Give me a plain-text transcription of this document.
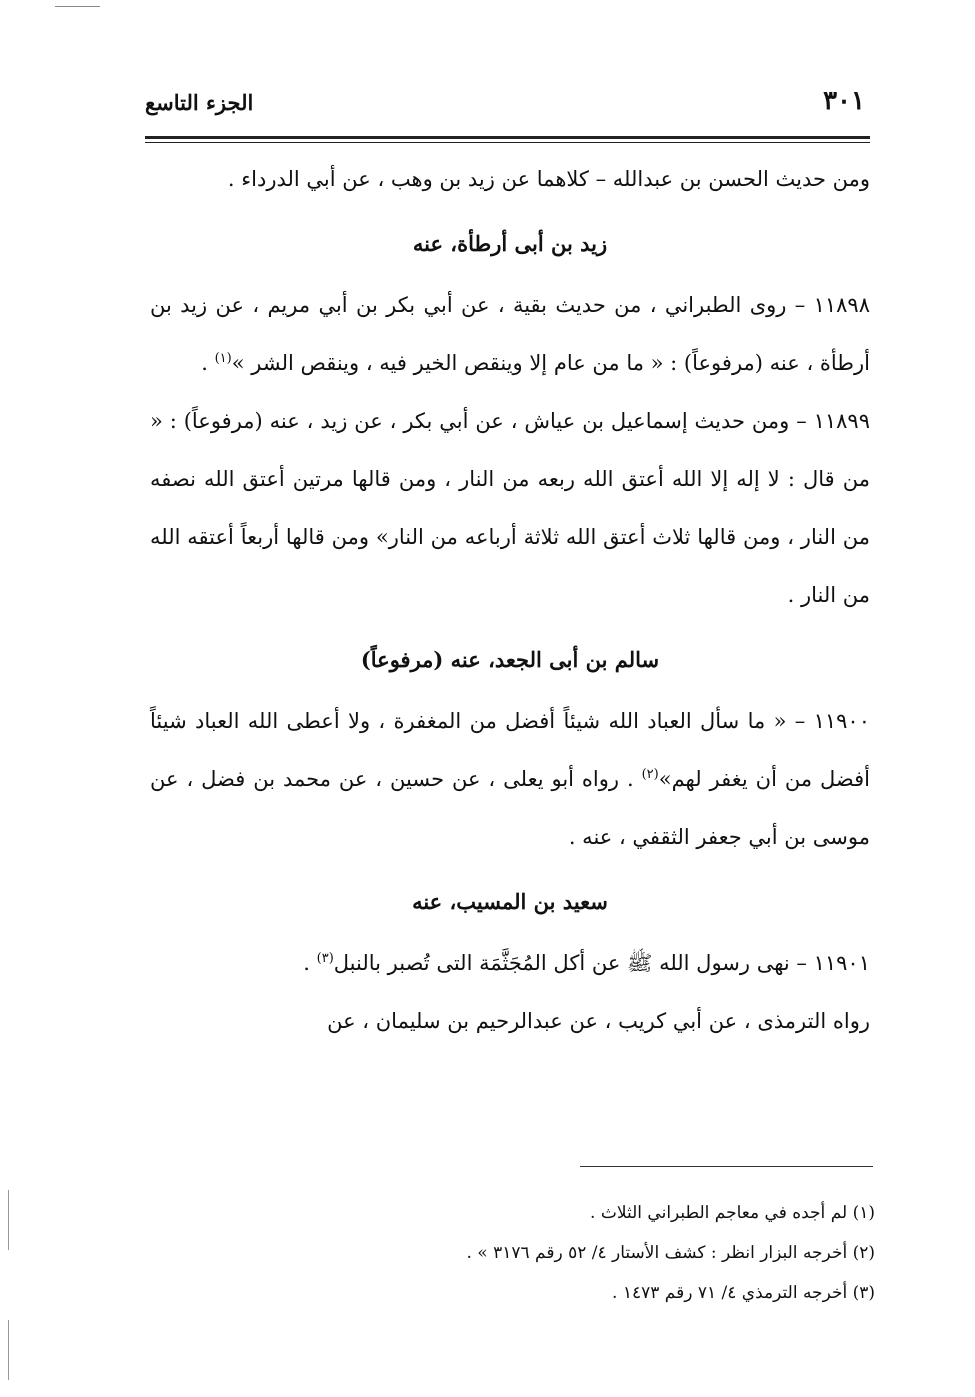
٣٠١
الجزء التاسع

ومن حديث الحسن بن عبدالله – كلاهما عن زيد بن وهب ، عن أبي الدرداء .

زيد بن أبى أرطأة، عنه

١١٨٩٨ – روى الطبراني ، من حديث بقية ، عن أبي بكر بن أبي مريم ، عن زيد بن أرطأة ، عنه (مرفوعاً) : « ما من عام إلا وينقص الخير فيه ، وينقص الشر »$^{(١)}$ .

١١٨٩٩ – ومن حديث إسماعيل بن عياش ، عن أبي بكر ، عن زيد ، عنه (مرفوعاً) : « من قال : لا إله إلا الله أعتق الله ربعه من النار ، ومن قالها مرتين أعتق الله نصفه من النار ، ومن قالها ثلاث أعتق الله ثلاثة أرباعه من النار» ومن قالها أربعاً أعتقه الله من النار .

سالم بن أبى الجعد، عنه (مرفوعاً)

١١٩٠٠ – « ما سأل العباد الله شيئاً أفضل من المغفرة ، ولا أعطى الله العباد شيئاً أفضل من أن يغفر لهم»$^{(٢)}$ . رواه أبو يعلى ، عن حسين ، عن محمد بن فضل ، عن موسى بن أبي جعفر الثقفي ، عنه .

سعيد بن المسيب، عنه

١١٩٠١ – نهى رسول الله ﷺ عن أكل المُجَثَّمَة التى تُصبر بالنبل$^{(٣)}$ .

رواه الترمذى ، عن أبي كريب ، عن عبدالرحيم بن سليمان ، عن

(١) لم أجده في معاجم الطبراني الثلاث .
(٢) أخرجه البزار انظر : كشف الأستار ٤/ ٥٢ رقم ٣١٧٦ » .
(٣) أخرجه الترمذي ٤/ ٧١ رقم ١٤٧٣ .
